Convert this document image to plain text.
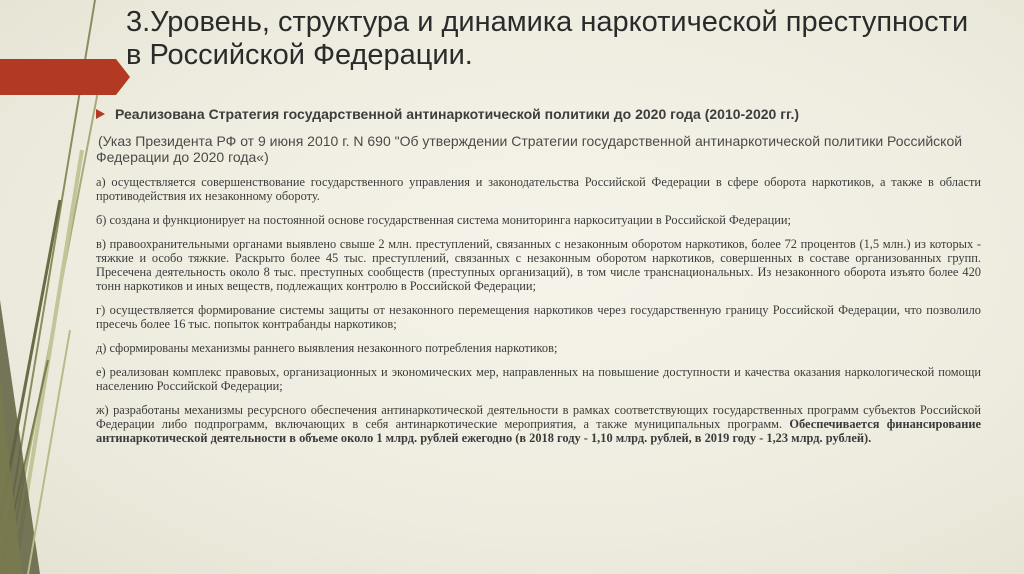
3.Уровень, структура и динамика наркотической преступности в Российской Федерации.
Реализована Стратегия государственной антинаркотической политики до 2020 года (2010-2020 гг.)

(Указ Президента РФ от 9 июня 2010 г. N 690 "Об утверждении Стратегии государственной антинаркотической политики Российской Федерации до 2020 года«)

а) осуществляется совершенствование государственного управления и законодательства Российской Федерации в сфере оборота наркотиков, а также в области противодействия их незаконному обороту.

б) создана и функционирует на постоянной основе государственная система мониторинга наркоситуации в Российской Федерации;

в) правоохранительными органами выявлено свыше 2 млн. преступлений, связанных с незаконным оборотом наркотиков, более 72 процентов (1,5 млн.) из которых - тяжкие и особо тяжкие. Раскрыто более 45 тыс. преступлений, связанных с незаконным оборотом наркотиков, совершенных в составе организованных групп. Пресечена деятельность около 8 тыс. преступных сообществ (преступных организаций), в том числе транснациональных. Из незаконного оборота изъято более 420 тонн наркотиков и иных веществ, подлежащих контролю в Российской Федерации;

г) осуществляется формирование системы защиты от незаконного перемещения наркотиков через государственную границу Российской Федерации, что позволило пресечь более 16 тыс. попыток контрабанды наркотиков;

д) сформированы механизмы раннего выявления незаконного потребления наркотиков;

е) реализован комплекс правовых, организационных и экономических мер, направленных на повышение доступности и качества оказания наркологической помощи населению Российской Федерации;

ж) разработаны механизмы ресурсного обеспечения антинаркотической деятельности в рамках соответствующих государственных программ субъектов Российской Федерации либо подпрограмм, включающих в себя антинаркотические мероприятия, а также муниципальных программ. Обеспечивается финансирование антинаркотической деятельности в объеме около 1 млрд. рублей ежегодно (в 2018 году - 1,10 млрд. рублей, в 2019 году - 1,23 млрд. рублей).
